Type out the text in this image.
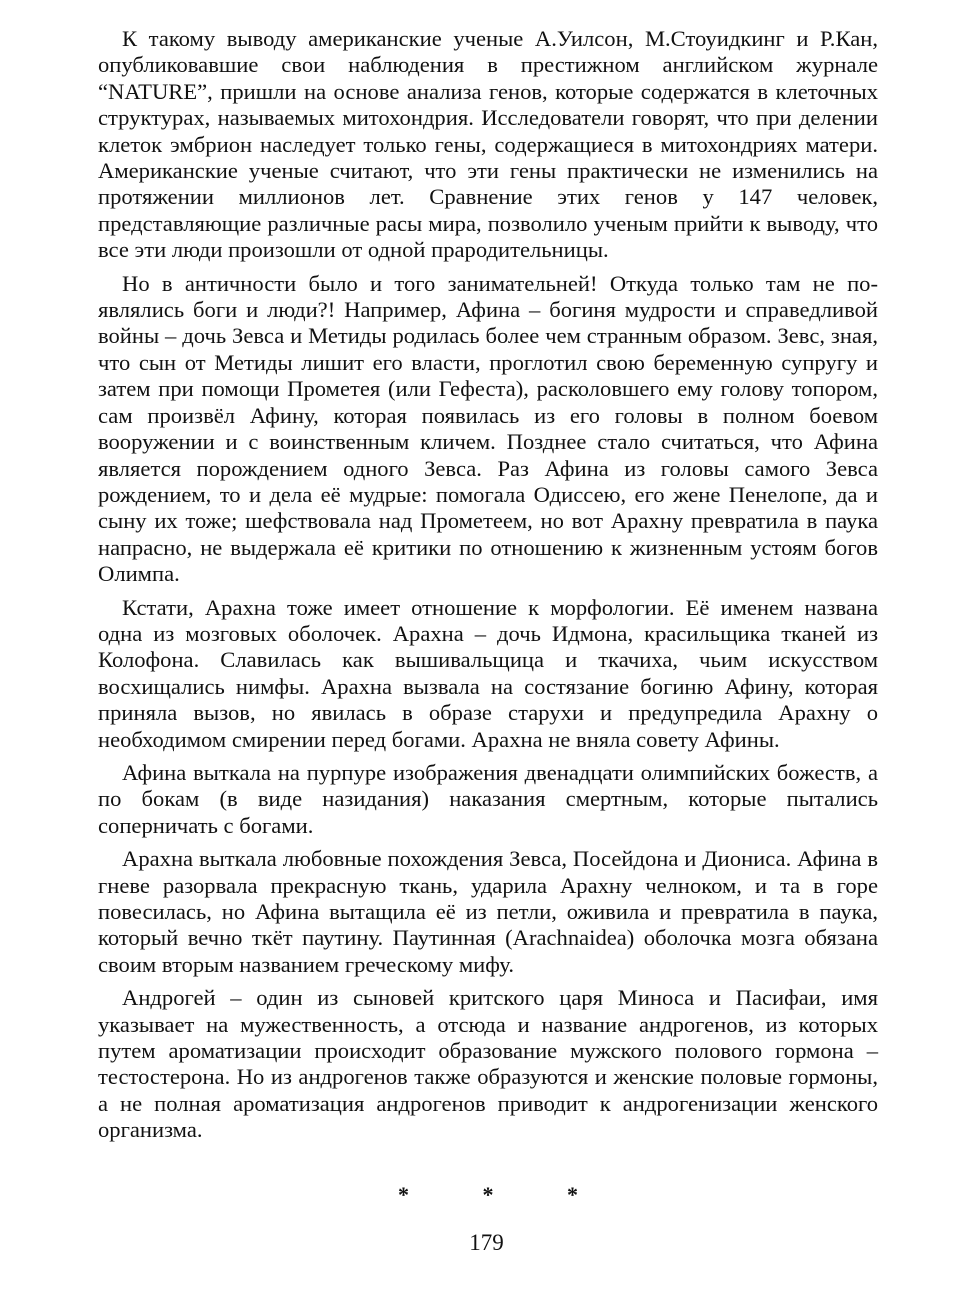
К такому выводу американские ученые А.Уилсон, М.Стоуидкинг и Р.Кан, опубликовавшие свои наблюдения в престижном английском журнале “NATURE”, пришли на основе анализа генов, которые содержатся в клеточных структурах, называемых митохондрия. Исследователи говорят, что при делении клеток эмбрион наследует только гены, содержащиеся в митохондриях матери. Американские ученые считают, что эти гены практически не изменились на протяжении миллионов лет. Сравнение этих генов у 147 человек, представляющие различные расы мира, позволило ученым прийти к выводу, что все эти люди произошли от одной прародительницы.

Но в античности было и того занимательней! Откуда только там не появлялись боги и люди?! Например, Афина – богиня мудрости и справедливой войны – дочь Зевса и Метиды родилась более чем странным образом. Зевс, зная, что сын от Метиды лишит его власти, проглотил свою беременную супругу и затем при помощи Прометея (или Гефеста), расколовшего ему голову топором, сам произвёл Афину, которая появилась из его головы в полном боевом вооружении и с воинственным кличем. Позднее стало считаться, что Афина является порождением одного Зевса. Раз Афина из головы самого Зевса рождением, то и дела её мудрые: помогала Одиссею, его жене Пенелопе, да и сыну их тоже; шефствовала над Прометеем, но вот Арахну превратила в паука напрасно, не выдержала её критики по отношению к жизненным устоям богов Олимпа.

Кстати, Арахна тоже имеет отношение к морфологии. Её именем названа одна из мозговых оболочек. Арахна – дочь Идмона, красильщика тканей из Колофона. Славилась как вышивальщица и ткачиха, чьим искусством восхищались нимфы. Арахна вызвала на состязание богиню Афину, которая приняла вызов, но явилась в образе старухи и предупредила Арахну о необходимом смирении перед богами. Арахна не вняла совету Афины.

Афина выткала на пурпуре изображения двенадцати олимпийских божеств, а по бокам (в виде назидания) наказания смертным, которые пытались соперничать с богами.

Арахна выткала любовные похождения Зевса, Посейдона и Диониса. Афина в гневе разорвала прекрасную ткань, ударила Арахну челноком, и та в горе повесилась, но Афина вытащила её из петли, оживила и превратила в паука, который вечно ткёт паутину. Паутинная (Arachnaidea) оболочка мозга обязана своим вторым названием греческому мифу.

Андрогей – один из сыновей критского царя Миноса и Пасифаи, имя указывает на мужественность, а отсюда и название андрогенов, из которых путем ароматизации происходит образование мужского полового гормона – тестостерона. Но из андрогенов также образуются и женские половые гормоны, а не полная ароматизация андрогенов приводит к андрогенизации женского организма.

* * *
179
